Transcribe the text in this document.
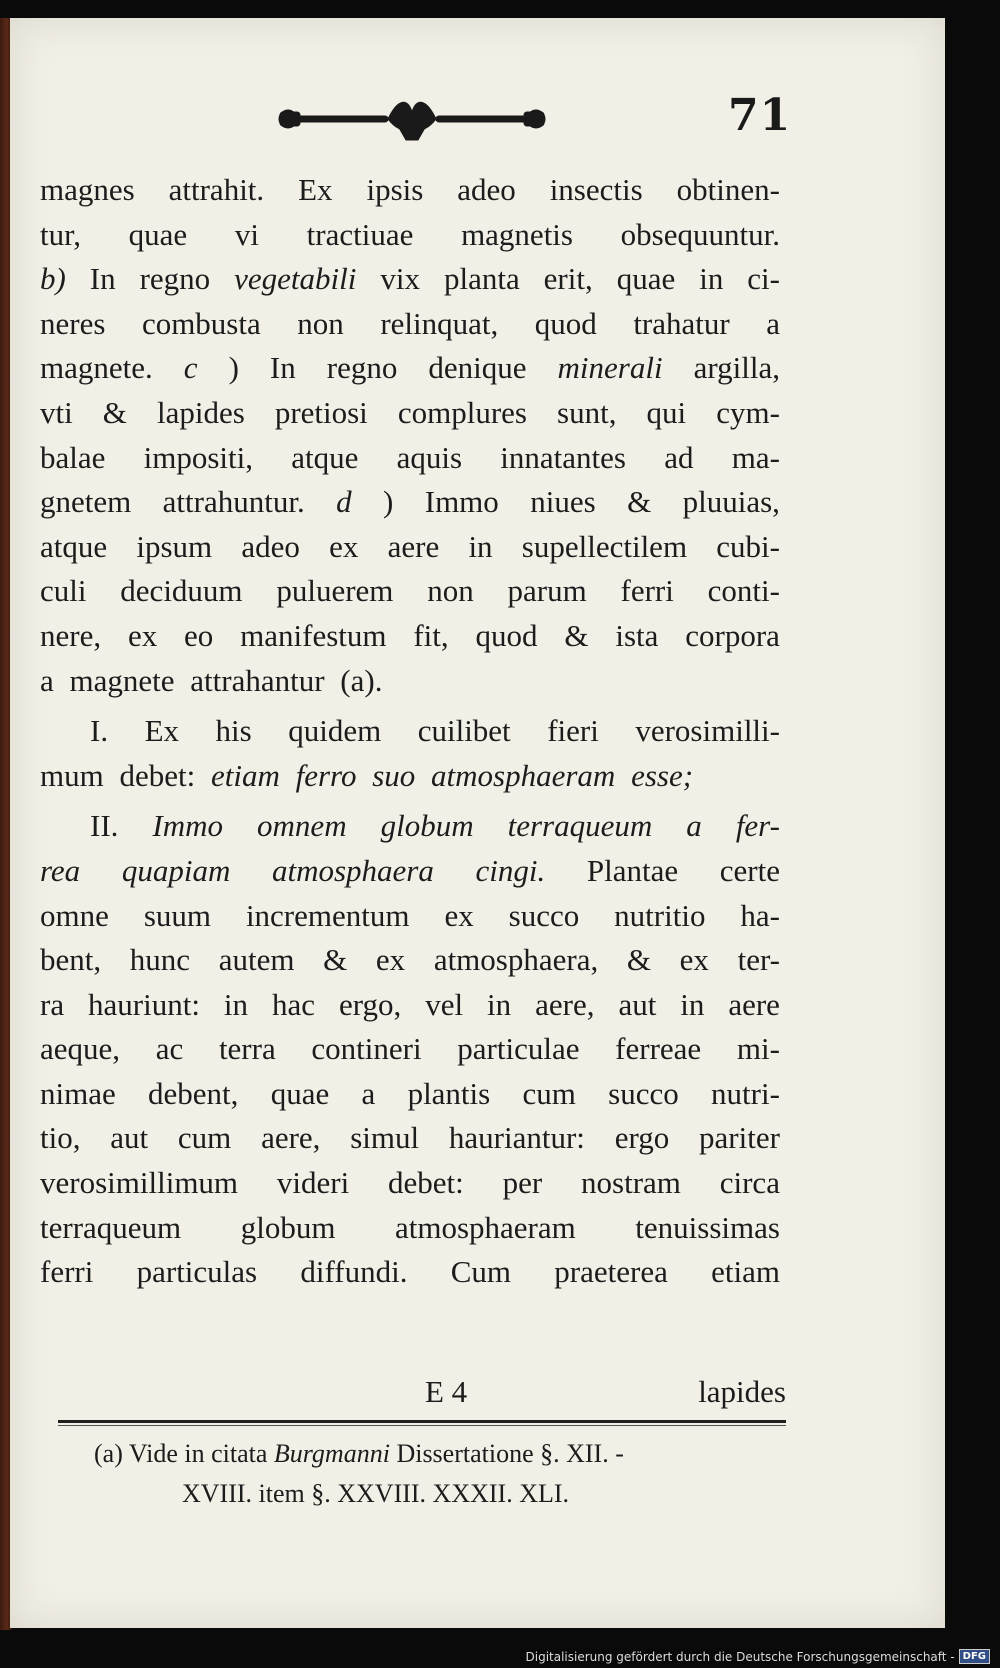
71
magnes attrahit. Ex ipsis adeo insectis obtinen-
tur, quae vi tractiuae magnetis obsequuntur.
b) In regno vegetabili vix planta erit, quae in ci-
neres combusta non relinquat, quod trahatur a
magnete. c ) In regno denique minerali argilla,
vti & lapides pretiosi complures sunt, qui cym-
balae impositi, atque aquis innatantes ad ma-
gnetem attrahuntur. d ) Immo niues & pluuias,
atque ipsum adeo ex aere in supellectilem cubi-
culi deciduum puluerem non parum ferri conti-
nere, ex eo manifestum fit, quod & ista corpora
a magnete attrahantur (a).
I. Ex his quidem cuilibet fieri verosimilli-
mum debet: etiam ferro suo atmosphaeram esse;
II. Immo omnem globum terraqueum a fer-
rea quapiam atmosphaera cingi. Plantae certe
omne suum incrementum ex succo nutritio ha-
bent, hunc autem & ex atmosphaera, & ex ter-
ra hauriunt: in hac ergo, vel in aere, aut in aere
aeque, ac terra contineri particulae ferreae mi-
nimae debent, quae a plantis cum succo nutri-
tio, aut cum aere, simul hauriantur: ergo pariter
verosimillimum videri debet: per nostram circa
terraqueum globum atmosphaeram tenuissimas
ferri particulas diffundi. Cum praeterea etiam
E 4	lapides
(a) Vide in citata Burgmanni Dissertatione §. XII. -
XVIII. item §. XXVIII. XXXII. XLI.
Digitalisierung gefördert durch die Deutsche Forschungsgemeinschaft - DFG
